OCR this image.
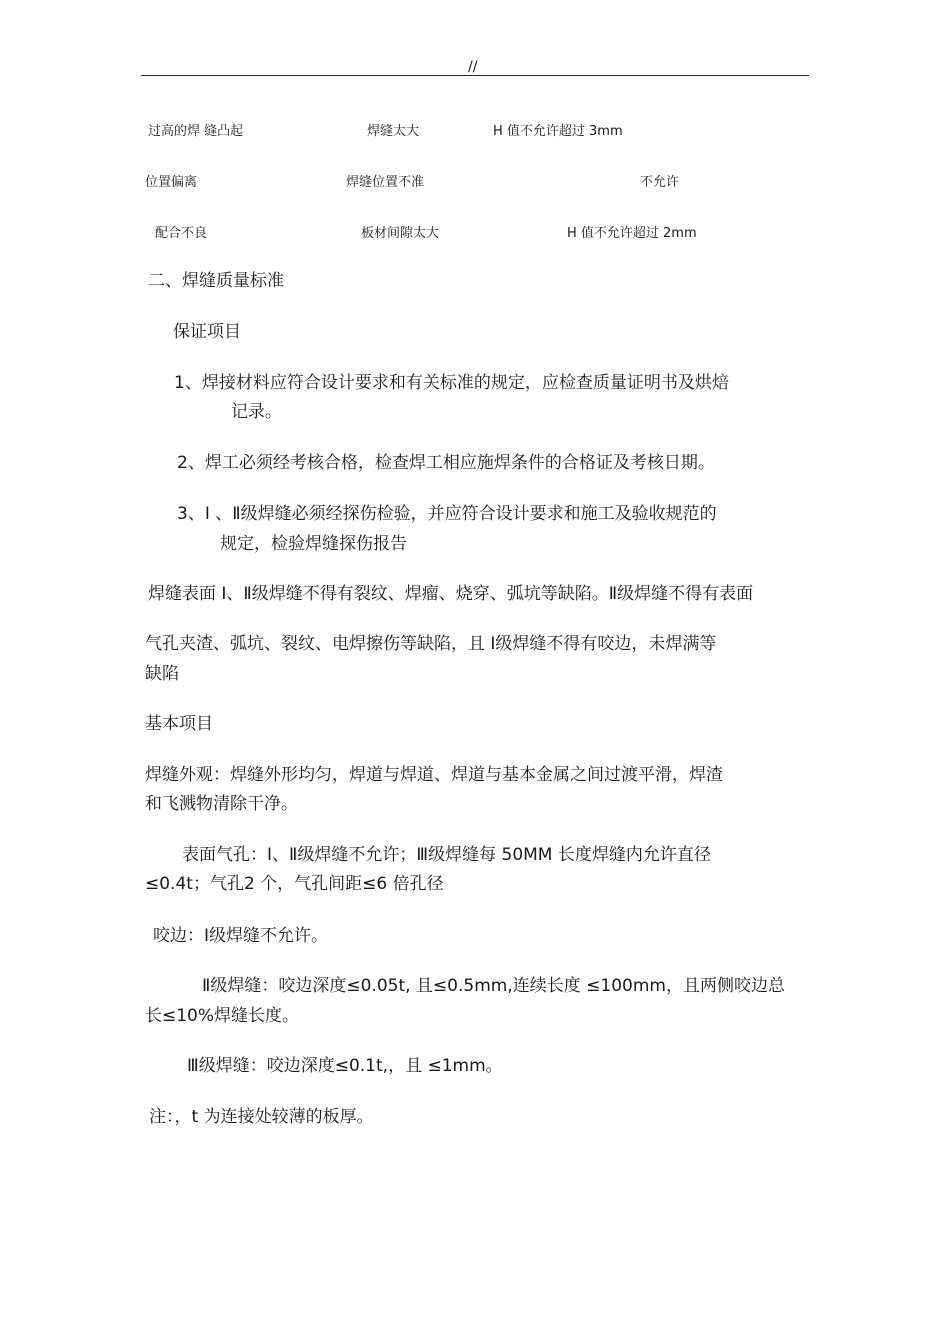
//
过高的焊 缝凸起	焊缝太大	H 值不允许超过 3mm
位置偏离	焊缝位置不准	不允许
配合不良	板材间隙太大	H 值不允许超过 2mm
二、焊缝质量标准
保证项目
1、焊接材料应符合设计要求和有关标准的规定，应检查质量证明书及烘焙
记录。
2、焊工必须经考核合格，检查焊工相应施焊条件的合格证及考核日期。
3、Ⅰ 、Ⅱ级焊缝必须经探伤检验，并应符合设计要求和施工及验收规范的
规定，检验焊缝探伤报告
焊缝表面 Ⅰ、Ⅱ级焊缝不得有裂纹、焊瘤、烧穿、弧坑等缺陷。Ⅱ级焊缝不得有表面
气孔夹渣、弧坑、裂纹、电焊擦伤等缺陷，且 Ⅰ级焊缝不得有咬边，未焊满等
缺陷
基本项目
焊缝外观：焊缝外形均匀，焊道与焊道、焊道与基本金属之间过渡平滑，焊渣
和飞溅物清除干净。
表面气孔：Ⅰ、Ⅱ级焊缝不允许；Ⅲ级焊缝每 50MM 长度焊缝内允许直径
≤0.4t；气孔2 个，气孔间距≤6 倍孔径
咬边：Ⅰ级焊缝不允许。
Ⅱ级焊缝：咬边深度≤0.05t, 且≤0.5mm,连续长度 ≤100mm，且两侧咬边总
长≤10%焊缝长度。
Ⅲ级焊缝：咬边深度≤0.1t,，且 ≤1mm。
注：，t 为连接处较薄的板厚。
